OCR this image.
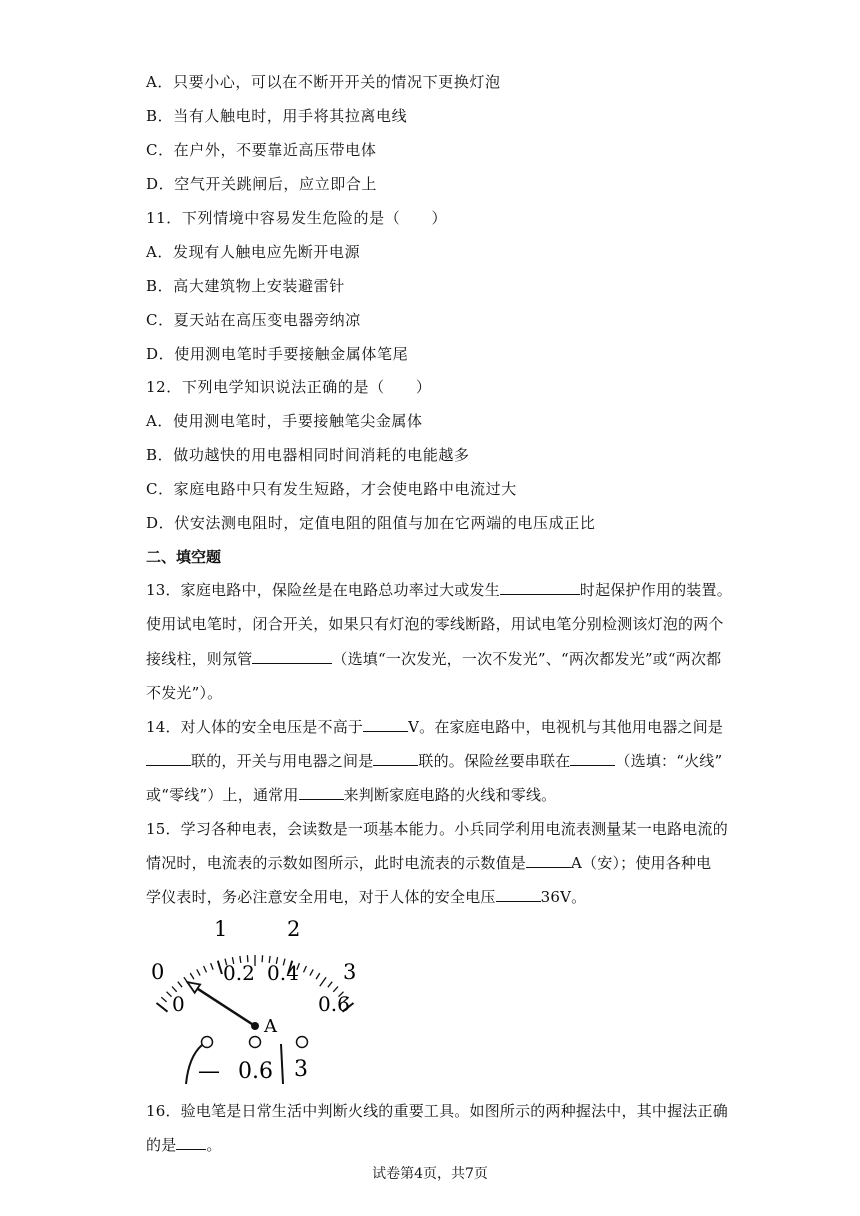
A．只要小心，可以在不断开开关的情况下更换灯泡
B．当有人触电时，用手将其拉离电线
C．在户外，不要靠近高压带电体
D．空气开关跳闸后，应立即合上
11．下列情境中容易发生危险的是（　　）
A．发现有人触电应先断开电源
B．高大建筑物上安装避雷针
C．夏天站在高压变电器旁纳凉
D．使用测电笔时手要接触金属体笔尾
12．下列电学知识说法正确的是（　　）
A．使用测电笔时，手要接触笔尖金属体
B．做功越快的用电器相同时间消耗的电能越多
C．家庭电路中只有发生短路，才会使电路中电流过大
D．伏安法测电阻时，定值电阻的阻值与加在它两端的电压成正比
二、填空题
13．家庭电路中，保险丝是在电路总功率过大或发生	时起保护作用的装置。
使用试电笔时，闭合开关，如果只有灯泡的零线断路，用试电笔分别检测该灯泡的两个
接线柱，则氖管	（选填“一次发光，一次不发光”、“两次都发光”或“两次都
不发光”）。
14．对人体的安全电压是不高于	V。在家庭电路中，电视机与其他用电器之间是
联的，开关与用电器之间是	联的。保险丝要串联在	（选填：“火线”
或“零线”）上，通常用	来判断家庭电路的火线和零线。
15．学习各种电表，会读数是一项基本能力。小兵同学利用电流表测量某一电路电流的
情况时，电流表的示数如图所示，此时电流表的示数值是	A（安）；使用各种电
学仪表时，务必注意安全用电，对于人体的安全电压	36V。
0
1	2
3
0
0.2 0.4
0.6
A
— 0.6 3
16．验电笔是日常生活中判断火线的重要工具。如图所示的两种握法中，其中握法正确
的是 。
试卷第4页，共7页
